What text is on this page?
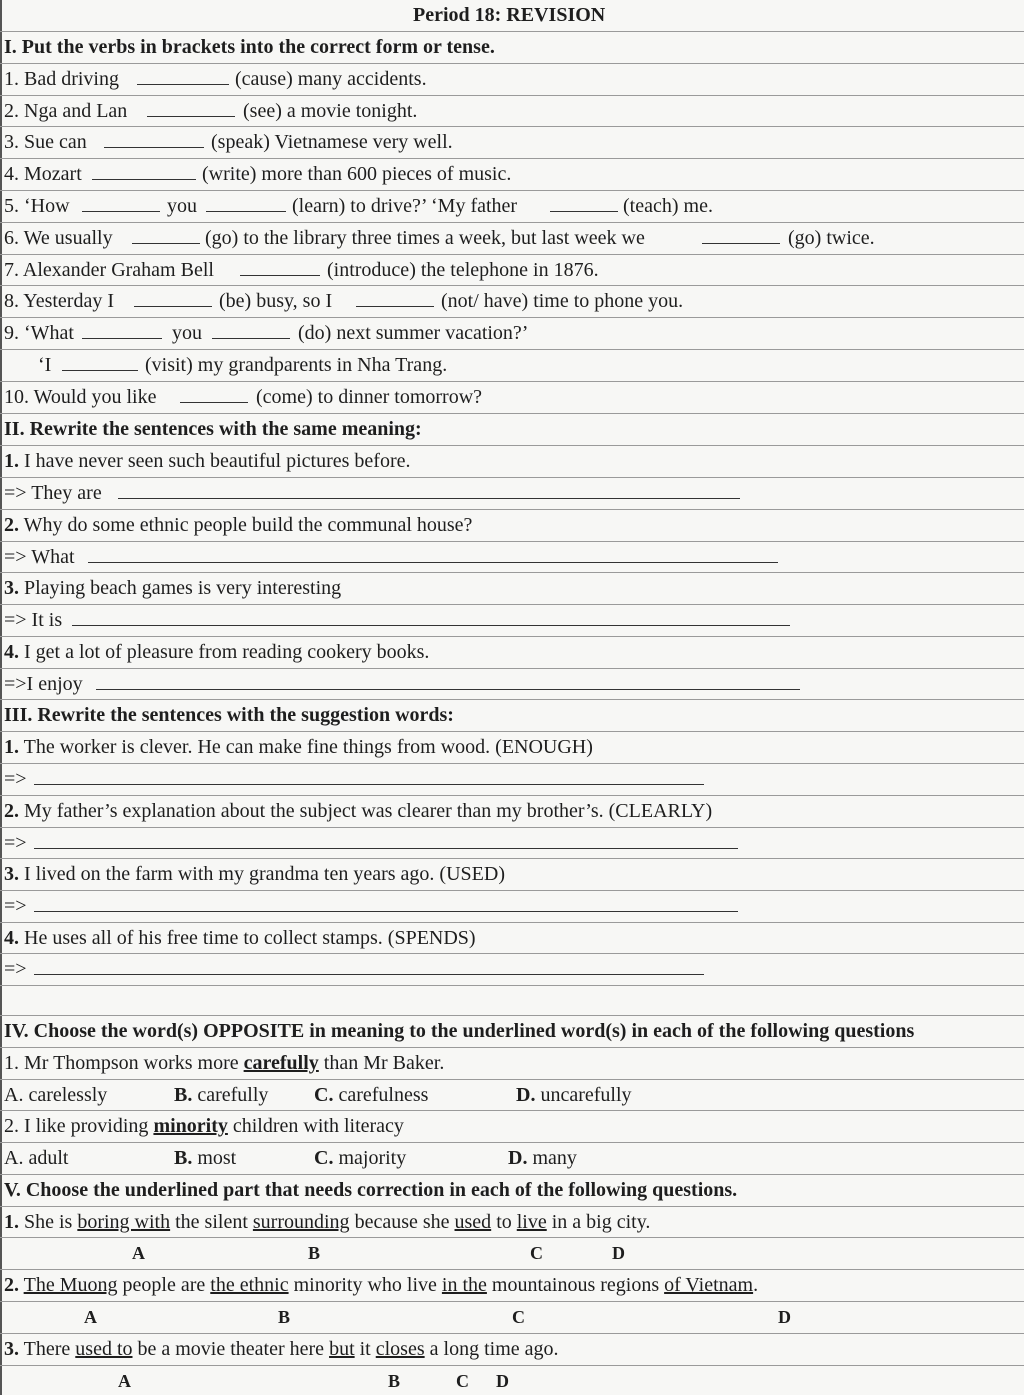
Period 18: REVISION
I. Put the verbs in brackets into the correct form or tense.
1. Bad driving	(cause) many accidents.
2. Nga and Lan	(see) a movie tonight.
3. Sue can	(speak) Vietnamese very well.
4. Mozart	(write) more than 600 pieces of music.
5. ‘How	you	(learn) to drive?’ ‘My father	(teach) me.
6. We usually	(go) to the library three times a week, but last week we	(go) twice.
7. Alexander Graham Bell	(introduce) the telephone in 1876.
8. Yesterday I	(be) busy, so I	(not/ have) time to phone you.
9. ‘What	you	(do) next summer vacation?’
‘I	(visit) my grandparents in Nha Trang.
10. Would you like	(come) to dinner tomorrow?
II. Rewrite the sentences with the same meaning:
1. I have never seen such beautiful pictures before.
=> They are
2. Why do some ethnic people build the communal house?
=> What
3. Playing beach games is very interesting
=> It is
4. I get a lot of pleasure from reading cookery books.
=>I enjoy
III. Rewrite the sentences with the suggestion words:
1. The worker is clever. He can make fine things from wood. (ENOUGH)
=>
2. My father’s explanation about the subject was clearer than my brother’s. (CLEARLY)
=>
3. I lived on the farm with my grandma ten years ago. (USED)
=>
4. He uses all of his free time to collect stamps. (SPENDS)
=>
IV. Choose the word(s) OPPOSITE in meaning to the underlined word(s) in each of the following questions
1. Mr Thompson works more carefully than Mr Baker.
A. carelessly	B. carefully C. carefulness	D. uncarefully
2. I like providing minority children with literacy
A. adult	B. most	C. majority	D. many
V. Choose the underlined part that needs correction in each of the following questions.
1. She is boring with the silent surrounding because she used to live in a big city.
A	B	C	D
2. The Muong people are the ethnic minority who live in the mountainous regions of Vietnam.
A	B	C	D
3. There used to be a movie theater here but it closes a long time ago.
A	B	C D
